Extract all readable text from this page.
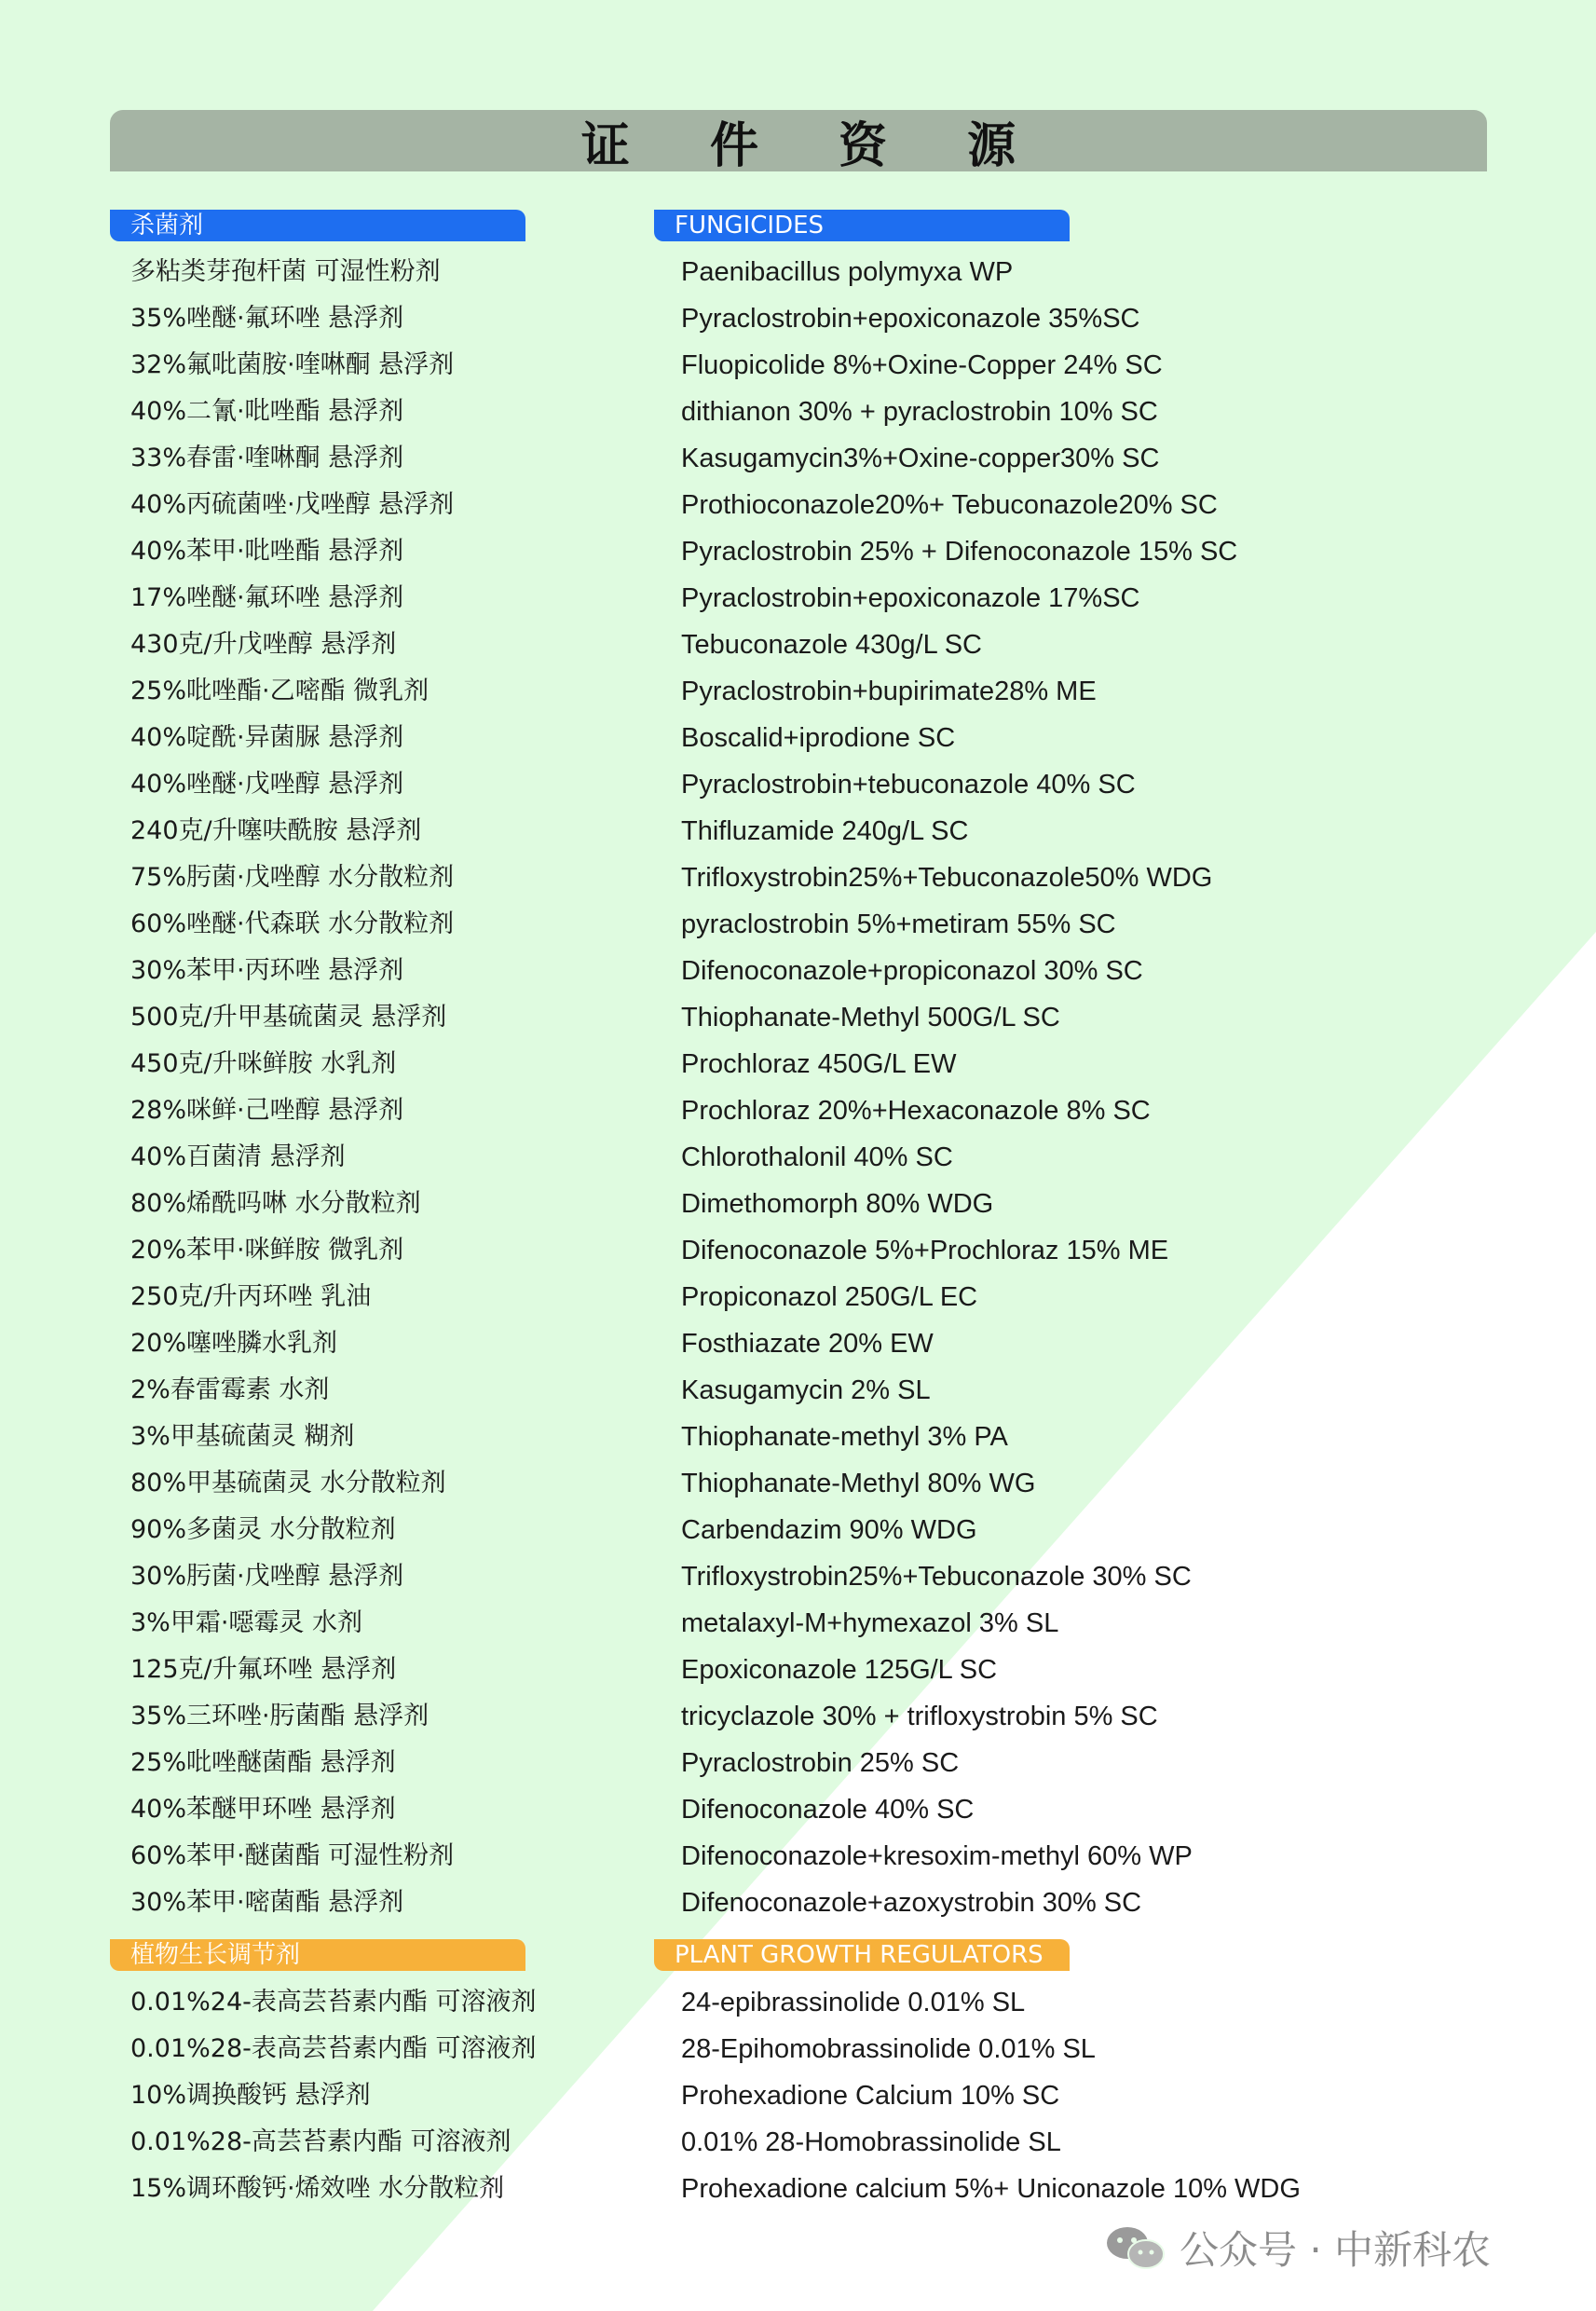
证 件 资 源
杀菌剂	FUNGICIDES
多粘类芽孢杆菌 可湿性粉剂
35%唑醚·氟环唑 悬浮剂
32%氟吡菌胺·喹啉酮 悬浮剂
40%二氰·吡唑酯 悬浮剂
33%春雷·喹啉酮 悬浮剂
40%丙硫菌唑·戊唑醇 悬浮剂
40%苯甲·吡唑酯 悬浮剂
17%唑醚·氟环唑 悬浮剂
430克/升戊唑醇 悬浮剂
25%吡唑酯·乙嘧酯 微乳剂
40%啶酰·异菌脲 悬浮剂
40%唑醚·戊唑醇 悬浮剂
240克/升噻呋酰胺 悬浮剂
75%肟菌·戊唑醇 水分散粒剂
60%唑醚·代森联 水分散粒剂
30%苯甲·丙环唑 悬浮剂
500克/升甲基硫菌灵 悬浮剂
450克/升咪鲜胺 水乳剂
28%咪鲜·己唑醇 悬浮剂
40%百菌清 悬浮剂
80%烯酰吗啉 水分散粒剂
20%苯甲·咪鲜胺 微乳剂
250克/升丙环唑 乳油
20%噻唑膦水乳剂
2%春雷霉素 水剂
3%甲基硫菌灵 糊剂
80%甲基硫菌灵 水分散粒剂
90%多菌灵 水分散粒剂
30%肟菌·戊唑醇 悬浮剂
3%甲霜·噁霉灵 水剂
125克/升氟环唑 悬浮剂
35%三环唑·肟菌酯 悬浮剂
25%吡唑醚菌酯 悬浮剂
40%苯醚甲环唑 悬浮剂
60%苯甲·醚菌酯 可湿性粉剂
30%苯甲·嘧菌酯 悬浮剂
Paenibacillus polymyxa WP
Pyraclostrobin+epoxiconazole 35%SC
Fluopicolide 8%+Oxine-Copper 24% SC
dithianon 30% + pyraclostrobin 10% SC
Kasugamycin3%+Oxine-copper30% SC
Prothioconazole20%+ Tebuconazole20% SC
Pyraclostrobin 25% + Difenoconazole 15% SC
Pyraclostrobin+epoxiconazole 17%SC
Tebuconazole 430g/L SC
Pyraclostrobin+bupirimate28% ME
Boscalid+iprodione SC
Pyraclostrobin+tebuconazole 40% SC
Thifluzamide 240g/L SC
Trifloxystrobin25%+Tebuconazole50% WDG
pyraclostrobin 5%+metiram 55% SC
Difenoconazole+propiconazol 30% SC
Thiophanate-Methyl 500G/L SC
Prochloraz 450G/L EW
Prochloraz 20%+Hexaconazole 8% SC
Chlorothalonil 40% SC
Dimethomorph 80% WDG
Difenoconazole 5%+Prochloraz 15% ME
Propiconazol 250G/L EC
Fosthiazate 20% EW
Kasugamycin 2% SL
Thiophanate-methyl 3% PA
Thiophanate-Methyl 80% WG
Carbendazim 90% WDG
Trifloxystrobin25%+Tebuconazole 30% SC
metalaxyl-M+hymexazol 3% SL
Epoxiconazole 125G/L SC
tricyclazole 30% + trifloxystrobin 5% SC
Pyraclostrobin 25% SC
Difenoconazole 40% SC
Difenoconazole+kresoxim-methyl 60% WP
Difenoconazole+azoxystrobin 30% SC
植物生长调节剂	PLANT GROWTH REGULATORS
0.01%24-表高芸苔素内酯 可溶液剂
0.01%28-表高芸苔素内酯 可溶液剂
10%调换酸钙 悬浮剂
0.01%28-高芸苔素内酯 可溶液剂
15%调环酸钙·烯效唑 水分散粒剂
24-epibrassinolide 0.01% SL
28-Epihomobrassinolide 0.01% SL
Prohexadione Calcium 10% SC
0.01% 28-Homobrassinolide SL
Prohexadione calcium 5%+ Uniconazole 10% WDG
公众号 · 中新科农
